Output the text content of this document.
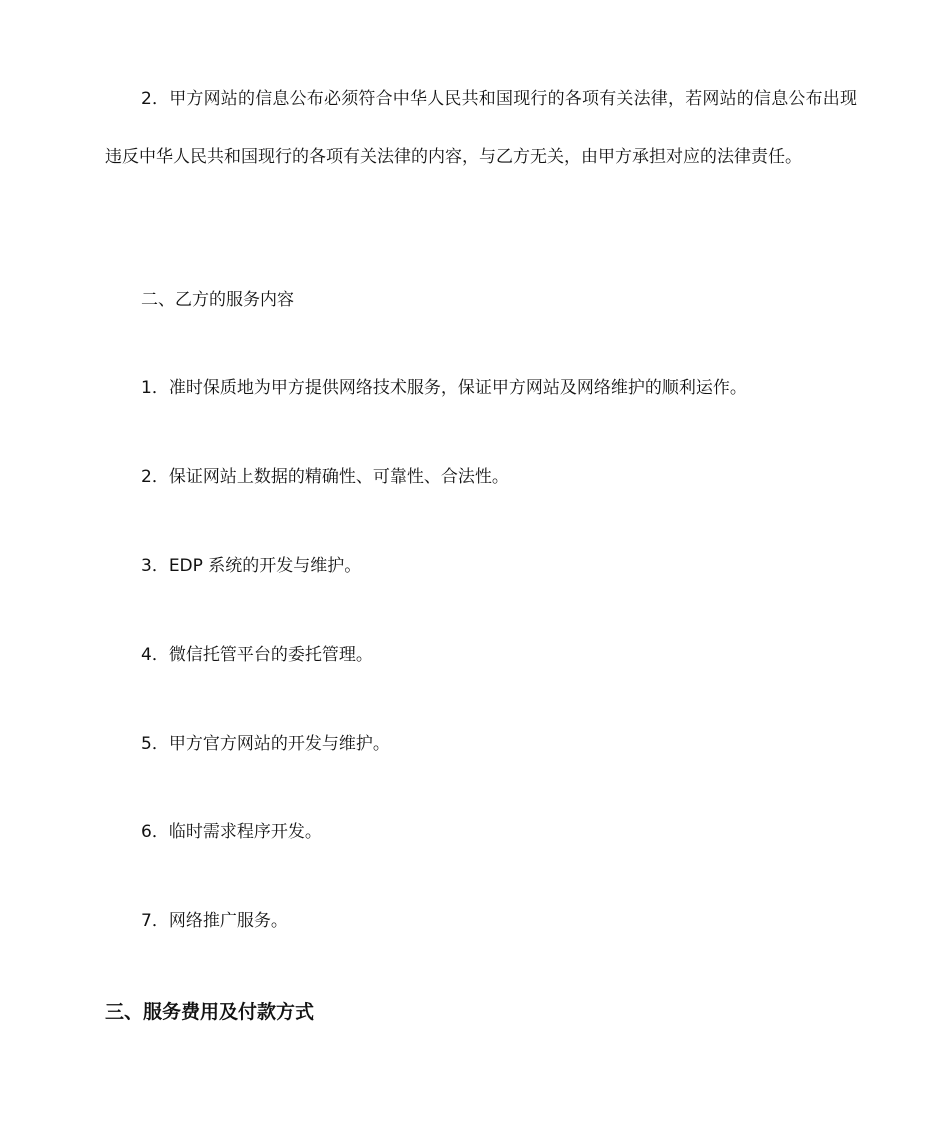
2．甲方网站的信息公布必须符合中华人民共和国现行的各项有关法律，若网站的信息公布出现违反中华人民共和国现行的各项有关法律的内容，与乙方无关，由甲方承担对应的法律责任。

二、乙方的服务内容

1．准时保质地为甲方提供网络技术服务，保证甲方网站及网络维护的顺利运作。

2．保证网站上数据的精确性、可靠性、合法性。

3．EDP 系统的开发与维护。

4．微信托管平台的委托管理。

5．甲方官方网站的开发与维护。

6．临时需求程序开发。

7．网络推广服务。

三、服务费用及付款方式
